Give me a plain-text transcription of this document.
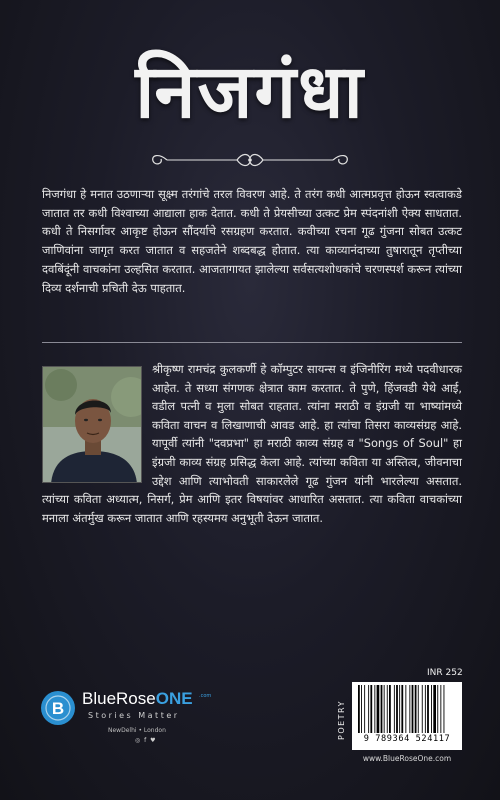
निजगंधा
निजगंधा हे मनात उठणाऱ्या सूक्ष्म तरंगांचे तरल विवरण आहे. ते तरंग कधी आत्मप्रवृत्त होऊन स्वत्वाकडे जातात तर कधी विश्वाच्या आद्याला हाक देतात. कधी ते प्रेयसीच्या उत्कट प्रेम स्पंदनांशी ऐक्य साधतात. कधी ते निसर्गावर आकृष्ट होऊन सौंदर्याचे रसग्रहण करतात. कवीच्या रचना गूढ गुंजना सोबत उत्कट जाणिवांना जागृत करत जातात व सहजतेने शब्दबद्ध होतात. त्या काव्यानंदाच्या तुषारातून तृप्तीच्या दवबिंदूंनी वाचकांना उल्हसित करतात. आजतागायत झालेल्या सर्वसत्यशोधकांचे चरणस्पर्श करून त्यांच्या दिव्य दर्शनाची प्रचिती देऊ पाहतात.
श्रीकृष्ण रामचंद्र कुलकर्णी हे कॉम्पुटर सायन्स व इंजिनीरिंग मध्ये पदवीधारक आहेत. ते सध्या संगणक क्षेत्रात काम करतात. ते पुणे, हिंजवडी येथे आई, वडील पत्नी व मुला सोबत राहतात. त्यांना मराठी व इंग्रजी या भाष्यांमध्ये कविता वाचन व लिखाणाची आवड आहे. हा त्यांचा तिसरा काव्यसंग्रह आहे. यापूर्वी त्यांनी "दवप्रभा" हा मराठी काव्य संग्रह व "Songs of Soul" हा इंग्रजी काव्य संग्रह प्रसिद्ध केला आहे. त्यांच्या कविता या अस्तित्व, जीवनाचा उद्देश आणि त्याभोवती साकारलेले गूढ गुंजन यांनी भारलेल्या असतात. त्यांच्या कविता अध्यात्म, निसर्ग, प्रेम आणि इतर विषयांवर आधारित असतात. त्या कविता वाचकांच्या मनाला अंतर्मुख करून जातात आणि रहस्यमय अनुभूती देऊन जातात.
INR 252
POETRY	9 789364 524117
www.BlueRoseOne.com
B
BlueRoseONE .com
Stories Matter
NewDelhi • London
◎ f ♥
